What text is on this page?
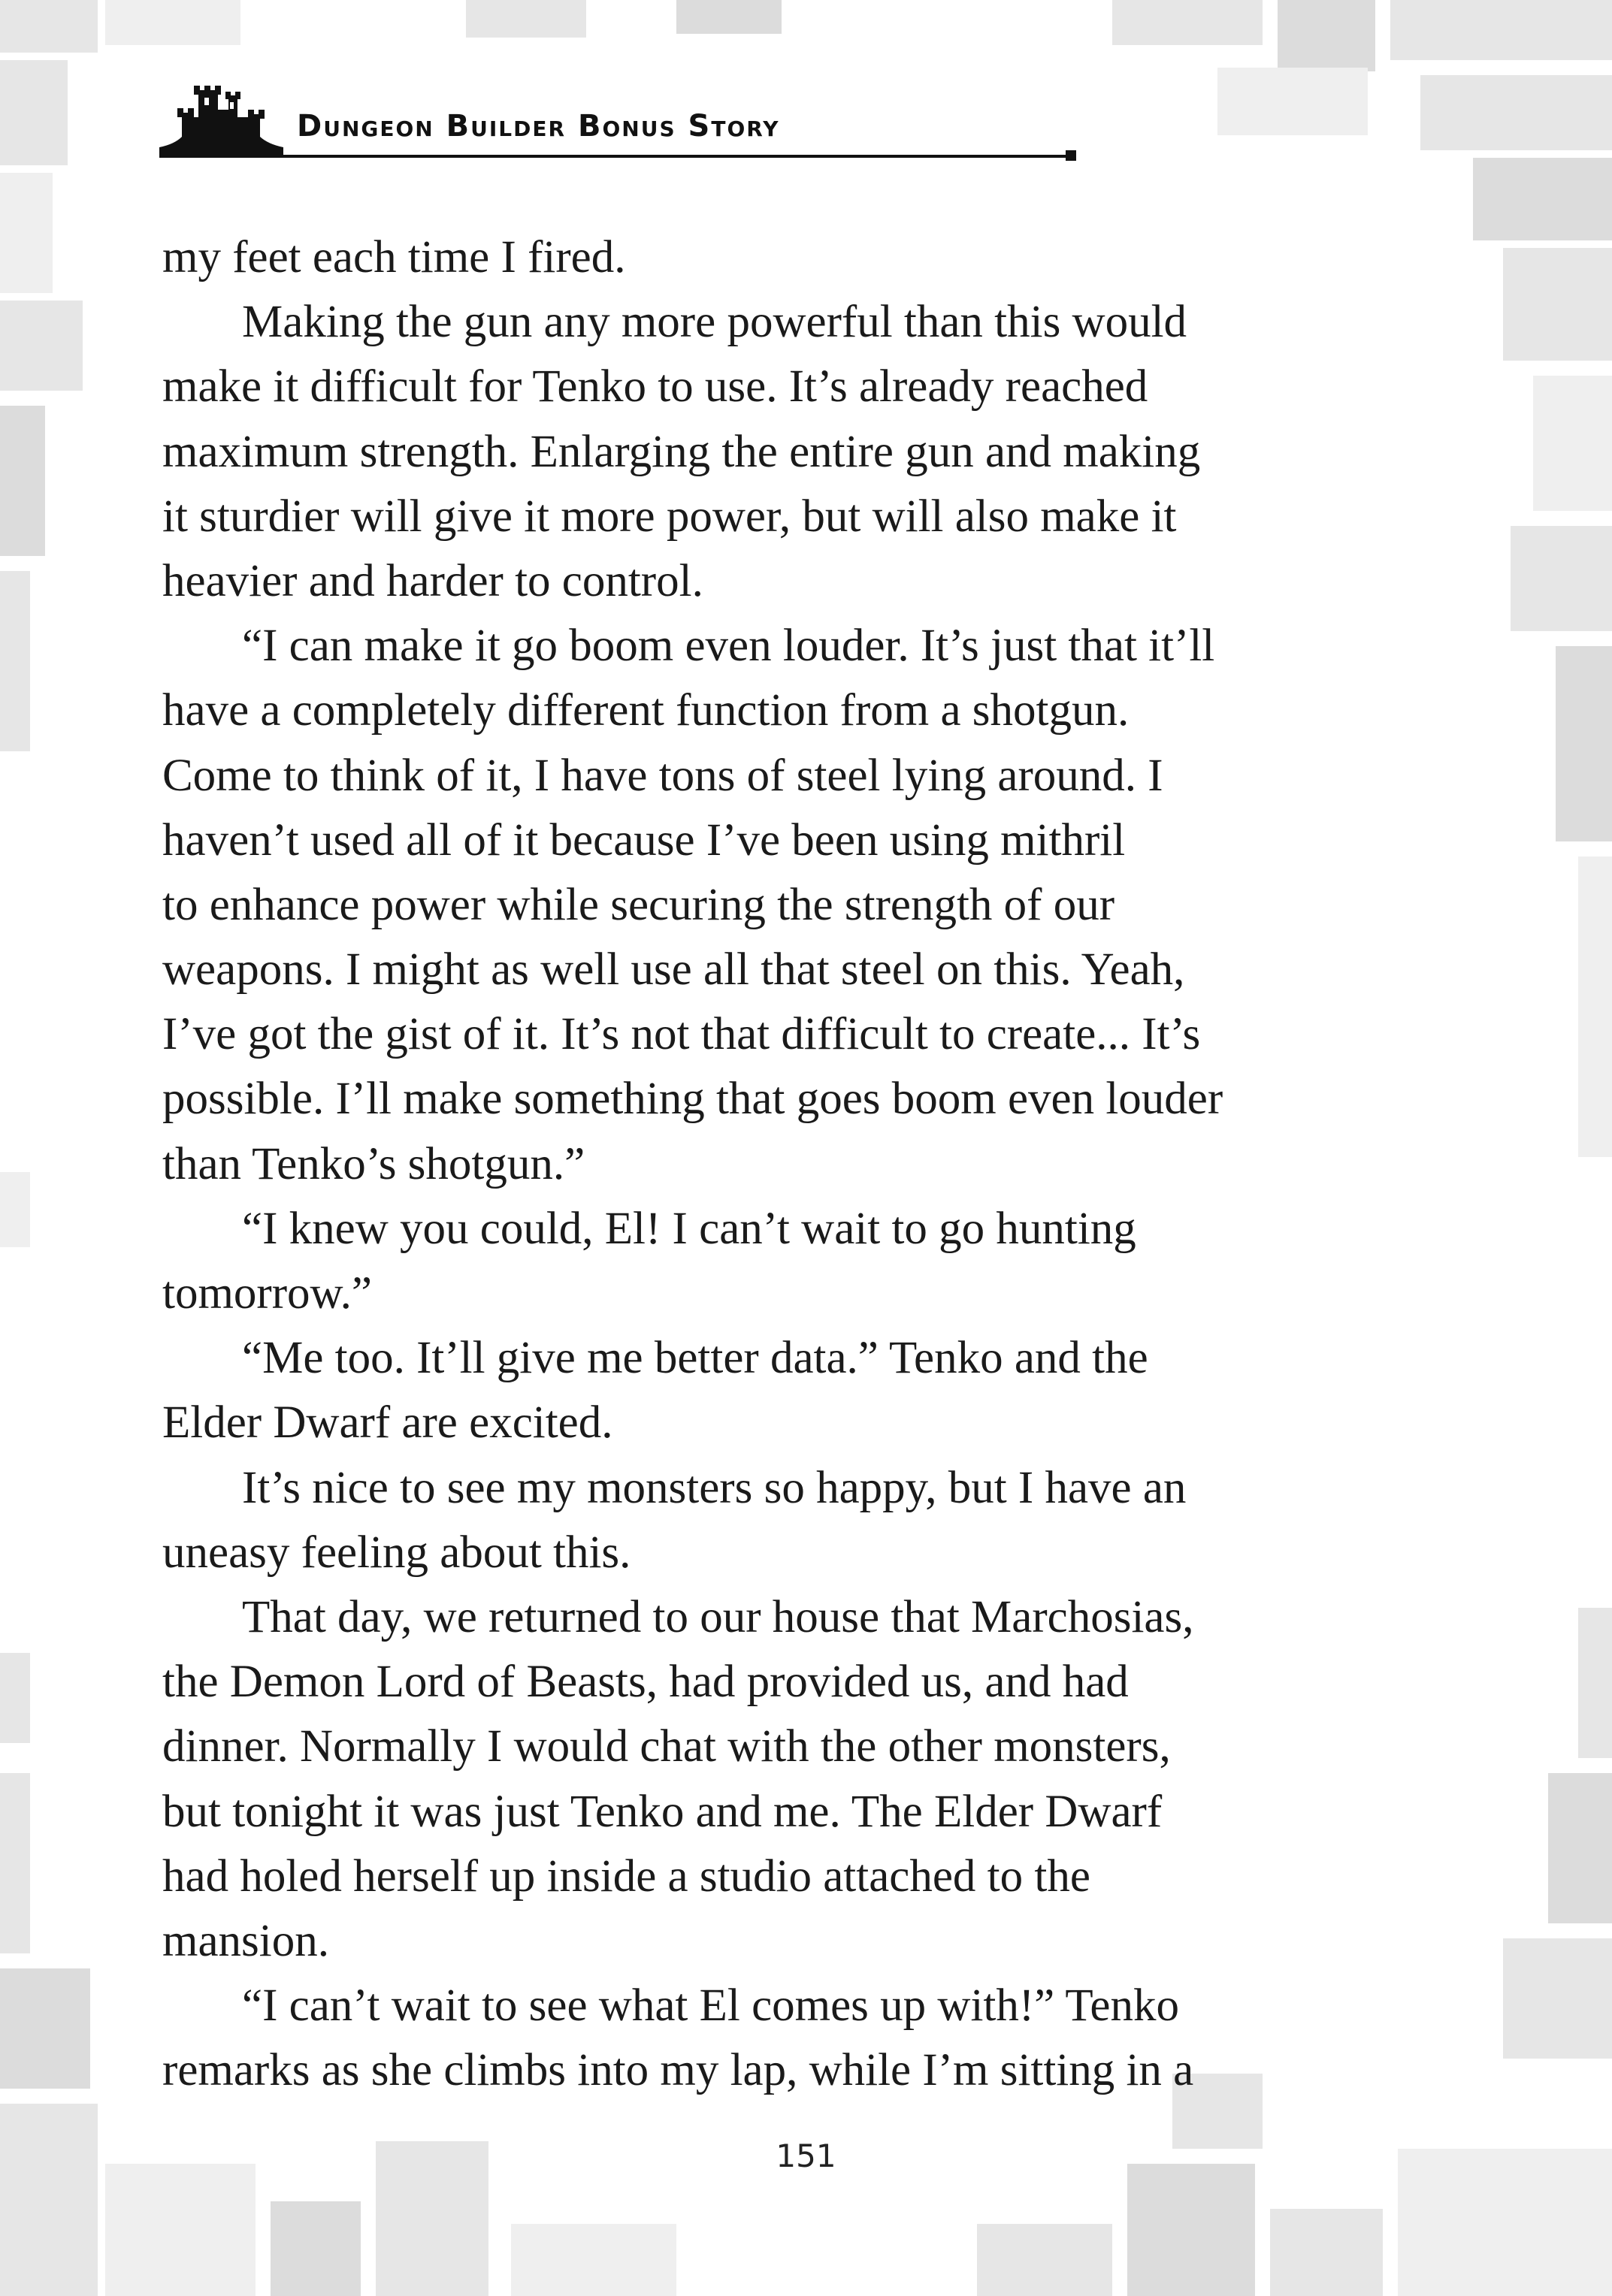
Dungeon Builder Bonus Story
my feet each time I fired.
Making the gun any more powerful than this would
make it difficult for Tenko to use. It’s already reached
maximum strength. Enlarging the entire gun and making
it sturdier will give it more power, but will also make it
heavier and harder to control.
“I can make it go boom even louder. It’s just that it’ll
have a completely different function from a shotgun.
Come to think of it, I have tons of steel lying around. I
haven’t used all of it because I’ve been using mithril
to enhance power while securing the strength of our
weapons. I might as well use all that steel on this. Yeah,
I’ve got the gist of it. It’s not that difficult to create... It’s
possible. I’ll make something that goes boom even louder
than Tenko’s shotgun.”
“I knew you could, El! I can’t wait to go hunting
tomorrow.”
“Me too. It’ll give me better data.” Tenko and the
Elder Dwarf are excited.
It’s nice to see my monsters so happy, but I have an
uneasy feeling about this.
That day, we returned to our house that Marchosias,
the Demon Lord of Beasts, had provided us, and had
dinner. Normally I would chat with the other monsters,
but tonight it was just Tenko and me. The Elder Dwarf
had holed herself up inside a studio attached to the
mansion.
“I can’t wait to see what El comes up with!” Tenko
remarks as she climbs into my lap, while I’m sitting in a
151
